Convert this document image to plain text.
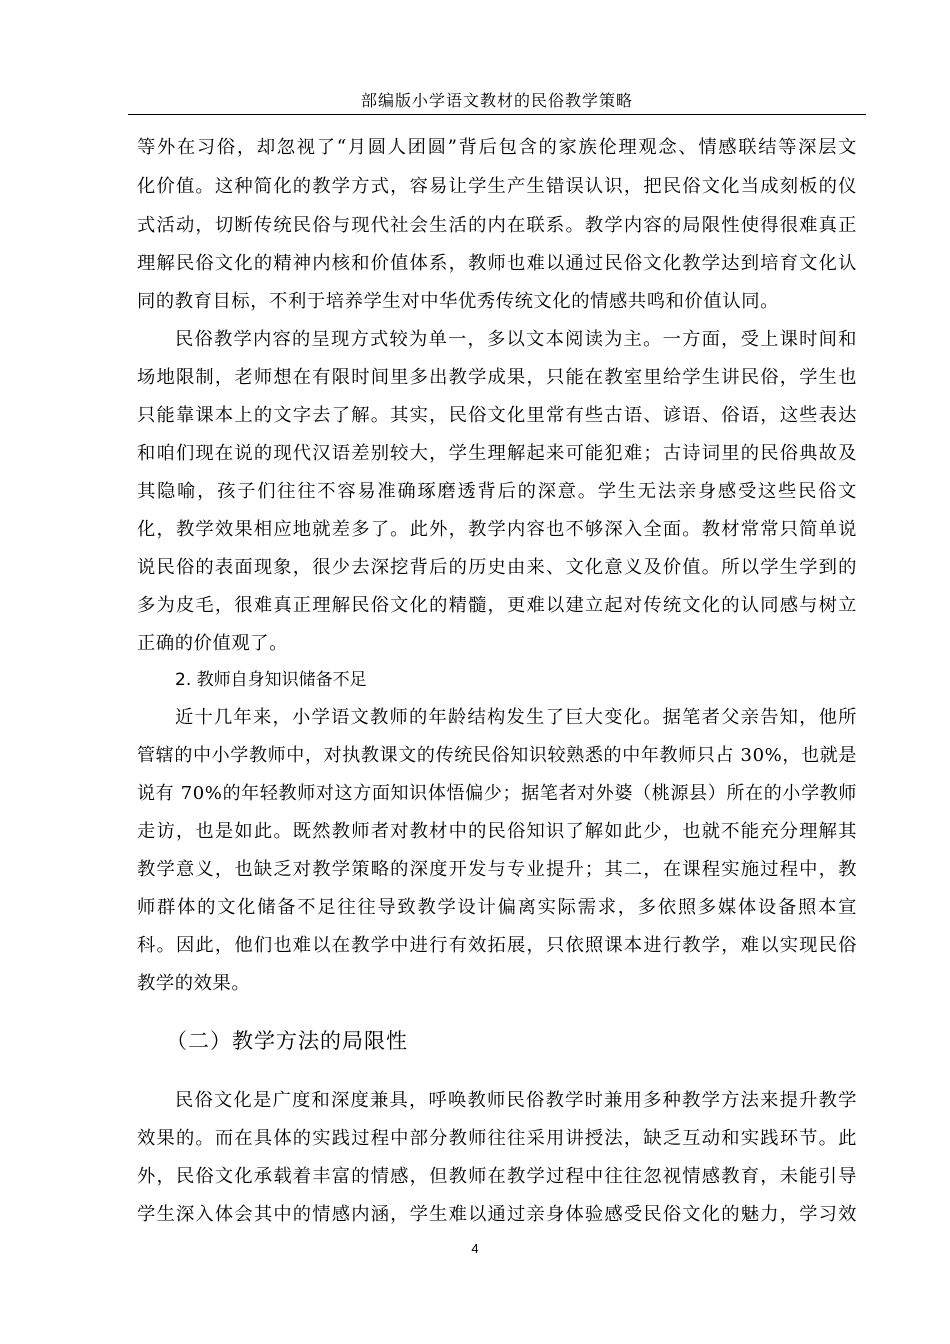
部编版小学语文教材的民俗教学策略
等外在习俗，却忽视了“月圆人团圆”背后包含的家族伦理观念、情感联结等深层文
化价值。这种简化的教学方式，容易让学生产生错误认识，把民俗文化当成刻板的仪
式活动，切断传统民俗与现代社会生活的内在联系。教学内容的局限性使得很难真正
理解民俗文化的精神内核和价值体系，教师也难以通过民俗文化教学达到培育文化认
同的教育目标，不利于培养学生对中华优秀传统文化的情感共鸣和价值认同。
民俗教学内容的呈现方式较为单一，多以文本阅读为主。一方面，受上课时间和
场地限制，老师想在有限时间里多出教学成果，只能在教室里给学生讲民俗，学生也
只能靠课本上的文字去了解。其实，民俗文化里常有些古语、谚语、俗语，这些表达
和咱们现在说的现代汉语差别较大，学生理解起来可能犯难；古诗词里的民俗典故及
其隐喻，孩子们往往不容易准确琢磨透背后的深意。学生无法亲身感受这些民俗文
化，教学效果相应地就差多了。此外，教学内容也不够深入全面。教材常常只简单说
说民俗的表面现象，很少去深挖背后的历史由来、文化意义及价值。所以学生学到的
多为皮毛，很难真正理解民俗文化的精髓，更难以建立起对传统文化的认同感与树立
正确的价值观了。
2. 教师自身知识储备不足
近十几年来，小学语文教师的年龄结构发生了巨大变化。据笔者父亲告知，他所
管辖的中小学教师中，对执教课文的传统民俗知识较熟悉的中年教师只占 30%，也就是
说有 70%的年轻教师对这方面知识体悟偏少；据笔者对外婆（桃源县）所在的小学教师
走访，也是如此。既然教师者对教材中的民俗知识了解如此少，也就不能充分理解其
教学意义，也缺乏对教学策略的深度开发与专业提升；其二，在课程实施过程中，教
师群体的文化储备不足往往导致教学设计偏离实际需求，多依照多媒体设备照本宣
科。因此，他们也难以在教学中进行有效拓展，只依照课本进行教学，难以实现民俗
教学的效果。
（二）教学方法的局限性
民俗文化是广度和深度兼具，呼唤教师民俗教学时兼用多种教学方法来提升教学
效果的。而在具体的实践过程中部分教师往往采用讲授法，缺乏互动和实践环节。此
外，民俗文化承载着丰富的情感，但教师在教学过程中往往忽视情感教育，未能引导
学生深入体会其中的情感内涵，学生难以通过亲身体验感受民俗文化的魅力，学习效
4
